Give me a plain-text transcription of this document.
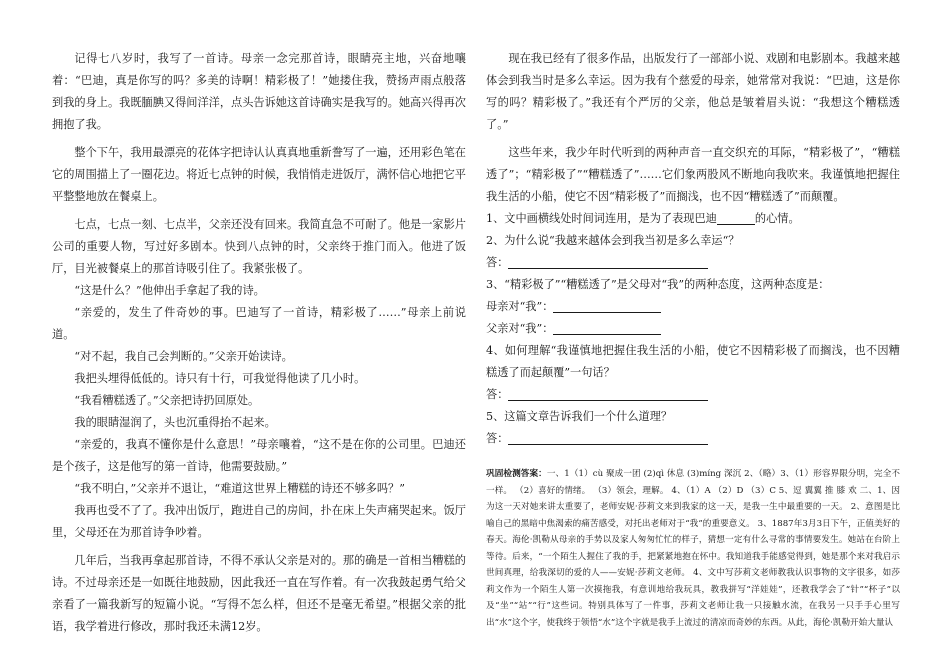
记得七八岁时，我写了一首诗。母亲一念完那首诗，眼睛亮主地，兴奋地嚷着：“巴迪，真是你写的吗？多美的诗啊！精彩极了！”她搂住我，赞扬声雨点般落到我的身上。我既腼腆又得间洋洋，点头告诉她这首诗确实是我写的。她高兴得再次拥抱了我。

整个下午，我用最漂亮的花体字把诗认认真真地重新誊写了一遍，还用彩色笔在它的周围描上了一圈花边。将近七点钟的时候，我悄悄走进饭厅，满怀信心地把它平平整整地放在餐桌上。

七点，七点一刻、七点半，父亲还没有回来。我简直急不可耐了。他是一家影片公司的重要人物，写过好多剧本。快到八点钟的时，父亲终于推门而入。他进了饭厅，目光被餐桌上的那首诗吸引住了。我紧张极了。

“这是什么？”他伸出手拿起了我的诗。

“亲爱的，发生了件奇妙的事。巴迪写了一首诗，精彩极了……”母亲上前说道。

“对不起，我自己会判断的。”父亲开始读诗。

我把头埋得低低的。诗只有十行，可我觉得他读了几小时。

“我看糟糕透了。”父亲把诗扔回原处。

我的眼睛湿润了，头也沉重得抬不起来。

“亲爱的，我真不懂你是什么意思！”母亲嚷着，“这不是在你的公司里。巴迪还是个孩子，这是他写的第一首诗，他需要鼓励。”

“我不明白，”父亲并不退让，“难道这世界上糟糕的诗还不够多吗？”

我再也受不了了。我冲出饭厅，跑进自己的房间，扑在床上失声痛哭起来。饭厅里，父母还在为那首诗争吵着。

几年后，当我再拿起那首诗，不得不承认父亲是对的。那的确是一首相当糟糕的诗。不过母亲还是一如既往地鼓励，因此我还一直在写作着。有一次我鼓起勇气给父亲看了一篇我新写的短篇小说。“写得不怎么样，但还不是毫无希望。”根据父亲的批语，我学着进行修改，那时我还未满12岁。

现在我已经有了很多作品，出版发行了一部部小说、戏剧和电影剧本。我越来越体会到我当时是多么幸运。因为我有个慈爱的母亲，她常常对我说：“巴迪，这是你写的吗？精彩极了。”我还有个严厉的父亲，他总是皱着眉头说：“我想这个糟糕透了。”

这些年来，我少年时代听到的两种声音一直交织充的耳际，“精彩极了”，“糟糕透了”；“精彩极了”“糟糕透了”……它们象两股风不断地向我吹来。我谨慎地把握住我生活的小船，使它不因“精彩极了”而搁浅，也不因“糟糕透了”而颠覆。

1、文中画横线处时间词连用，是为了表现巴迪	的心情。

2、为什么说“我越来越体会到我当初是多么幸运“？

答：

3、“精彩极了”“糟糕透了”是父母对“我”的两种态度，这两种态度是：

母亲对“我”：

父亲对“我”：

4、如何理解“我谨慎地把握住我生活的小船，使它不因精彩极了而搁浅，也不因糟糕透了而起颠覆”一句话？

答：

5、这篇文章告诉我们一个什么道理？

答：

巩固检测答案：一、1（1）cù 聚成一团 (2)qì 休息 (3)míng 深沉 2、（略）3、（1）形容界限分明，完全不一样。 （2）喜好的情绪。 （3）领会，理解。 4、（1）A （2）D （3）C 5、逗 翼翼 推 膝 欢 二、1、因为这一天对她来讲太重要了，老师安妮·莎莉文来到我家的这一天，是我一生中最重要的一天。 2、意图是比喻自己的黑暗中焦渴索的痛苦感受，对托出老师对于“我”的重要意义。 3、1887年3月3日下午，正值美好的春天。海伦·凯勒从母亲的手势以及家人匆匆忙忙的样子，猜想一定有什么寻常的事情要发生。她站在台阶上等待。后来，“一个陌生人握住了我的手，把紧紧地抱在怀中。我知道我手能感觉得到，她是那个来对我启示世间真理，给我深切的爱的人——安妮·莎莉文老师。 4、文中写莎莉文老师教我认识事物的文字很多，如莎莉文作为一个陌生人第一次摸拖我，有意训地给我玩具，教我拼写“洋娃娃”，还教我学会了“针”“杯子”以及“坐”“站”“行”这些词。特别具体写了一件事，莎莉文老师让我一只接触水流，在我另一只手手心里写出“水”这个字，使我终于领悟“水”这个字就是我手上流过的清凉而奇妙的东西。从此，海伦·凯勒开始大量认
